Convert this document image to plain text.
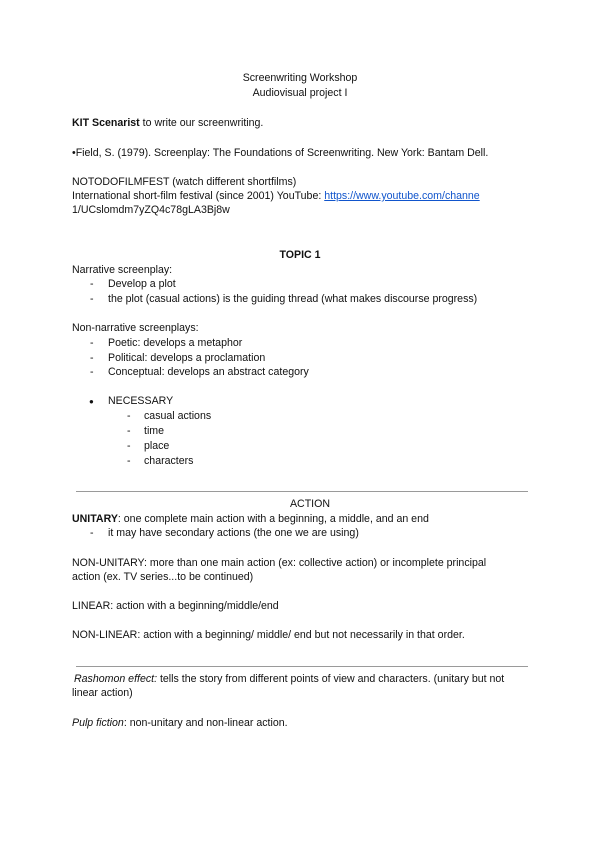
Screenwriting Workshop
Audiovisual project I
KIT Scenarist to write our screenwriting.
•Field, S. (1979). Screenplay: The Foundations of Screenwriting. New York: Bantam Dell.
NOTODOFILMFEST (watch different shortfilms)
International short-film festival (since 2001) YouTube: https://www.youtube.com/channe
1/UCslomdm7yZQ4c78gLA3Bj8w
TOPIC 1
Narrative screenplay:
- Develop a plot
- the plot (casual actions) is the guiding thread (what makes discourse progress)
Non-narrative screenplays:
- Poetic: develops a metaphor
- Political: develops a proclamation
- Conceptual: develops an abstract category
● NECESSARY
- casual actions
- time
- place
- characters
ACTION
UNITARY: one complete main action with a beginning, a middle, and an end
- it may have secondary actions (the one we are using)
NON-UNITARY: more than one main action (ex: collective action) or incomplete principal
action (ex. TV series...to be continued)
LINEAR: action with a beginning/middle/end
NON-LINEAR: action with a beginning/ middle/ end but not necessarily in that order.
Rashomon effect: tells the story from different points of view and characters. (unitary but not
linear action)
Pulp fiction: non-unitary and non-linear action.
